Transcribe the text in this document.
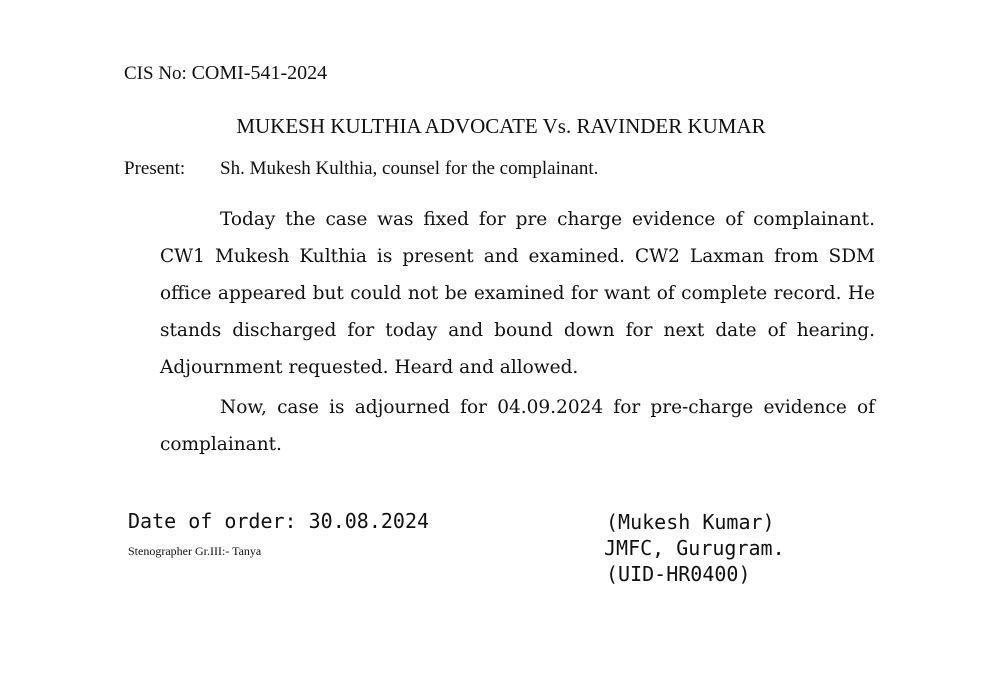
CIS No: COMI-541-2024
MUKESH KULTHIA ADVOCATE Vs. RAVINDER KUMAR
Present: Sh. Mukesh Kulthia, counsel for the complainant.

Today the case was fixed for pre charge evidence of complainant. CW1 Mukesh Kulthia is present and examined. CW2 Laxman from SDM office appeared but could not be examined for want of complete record. He stands discharged for today and bound down for next date of hearing. Adjournment requested. Heard and allowed.

Now, case is adjourned for 04.09.2024 for pre-charge evidence of complainant.

Date of order: 30.08.2024
Stenographer Gr.III:- Tanya
(Mukesh Kumar)
JMFC, Gurugram.
(UID-HR0400)
